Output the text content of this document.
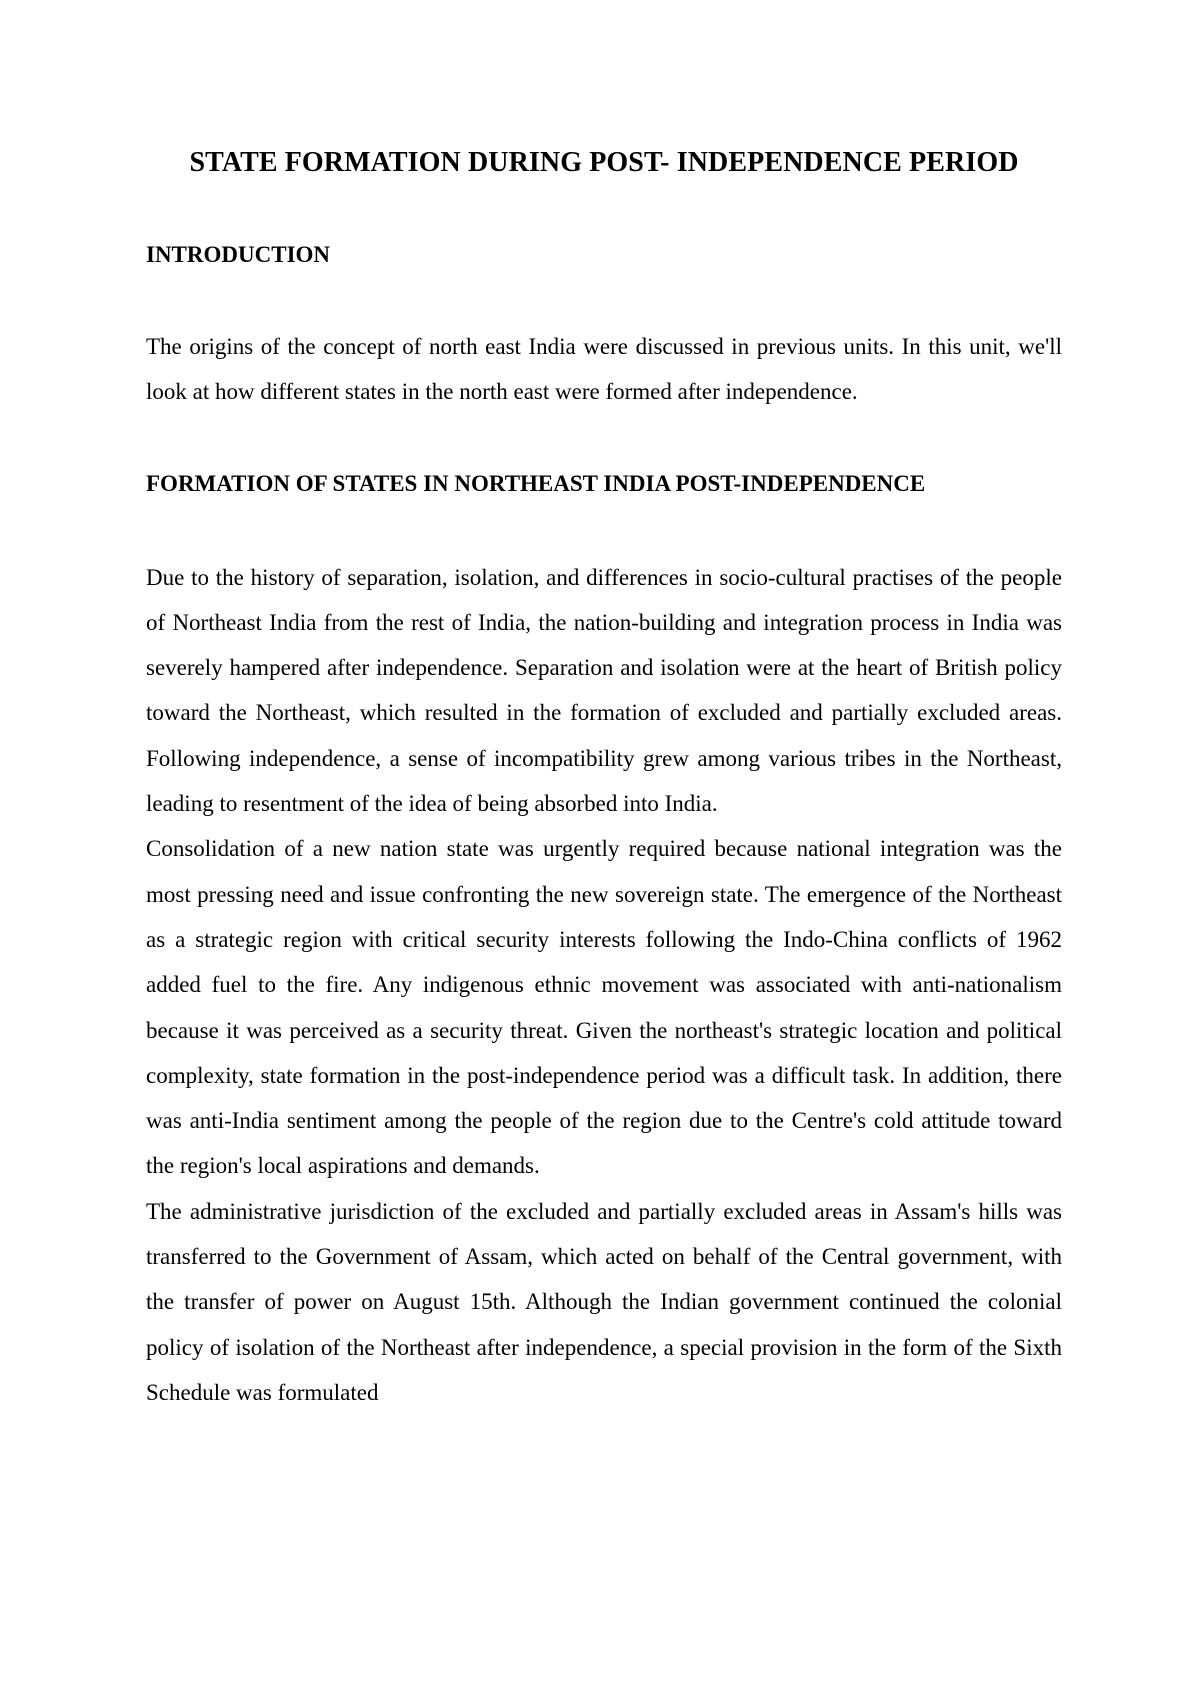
STATE FORMATION DURING POST- INDEPENDENCE PERIOD
INTRODUCTION

The origins of the concept of north east India were discussed in previous units. In this unit, we'll look at how different states in the north east were formed after independence.

FORMATION OF STATES IN NORTHEAST INDIA POST-INDEPENDENCE

Due to the history of separation, isolation, and differences in socio-cultural practises of the people of Northeast India from the rest of India, the nation-building and integration process in India was severely hampered after independence. Separation and isolation were at the heart of British policy toward the Northeast, which resulted in the formation of excluded and partially excluded areas. Following independence, a sense of incompatibility grew among various tribes in the Northeast, leading to resentment of the idea of being absorbed into India.

Consolidation of a new nation state was urgently required because national integration was the most pressing need and issue confronting the new sovereign state. The emergence of the Northeast as a strategic region with critical security interests following the Indo-China conflicts of 1962 added fuel to the fire. Any indigenous ethnic movement was associated with anti-nationalism because it was perceived as a security threat. Given the northeast's strategic location and political complexity, state formation in the post-independence period was a difficult task. In addition, there was anti-India sentiment among the people of the region due to the Centre's cold attitude toward the region's local aspirations and demands.

The administrative jurisdiction of the excluded and partially excluded areas in Assam's hills was transferred to the Government of Assam, which acted on behalf of the Central government, with the transfer of power on August 15th. Although the Indian government continued the colonial policy of isolation of the Northeast after independence, a special provision in the form of the Sixth Schedule was formulated
